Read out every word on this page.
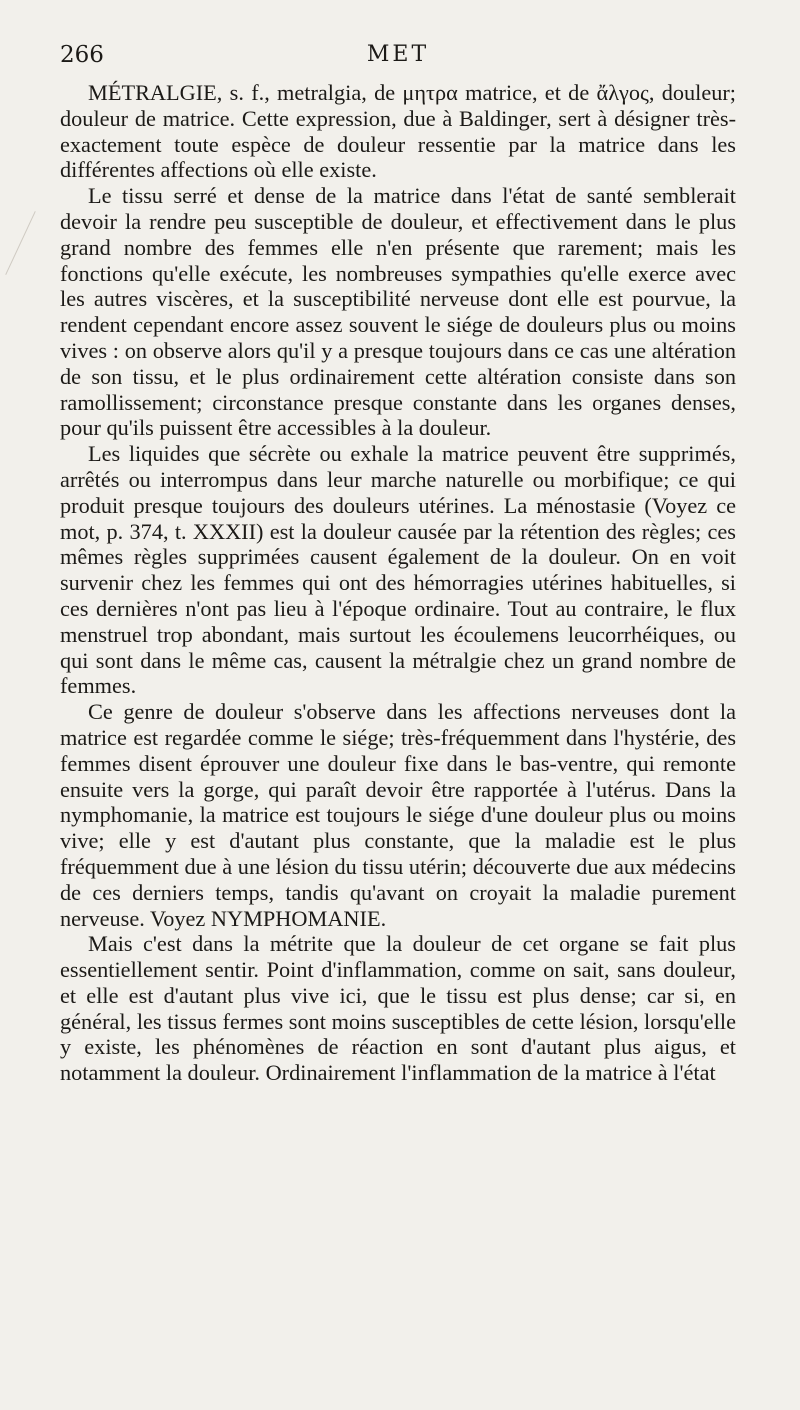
266	MET

MÉTRALGIE, s. f., metralgia, de μητρα matrice, et de ἄλγος, douleur; douleur de matrice. Cette expression, due à Baldinger, sert à désigner très-exactement toute espèce de douleur ressentie par la matrice dans les différentes affections où elle existe.

Le tissu serré et dense de la matrice dans l'état de santé semblerait devoir la rendre peu susceptible de douleur, et effectivement dans le plus grand nombre des femmes elle n'en présente que rarement; mais les fonctions qu'elle exécute, les nombreuses sympathies qu'elle exerce avec les autres viscères, et la susceptibilité nerveuse dont elle est pourvue, la rendent cependant encore assez souvent le siége de douleurs plus ou moins vives : on observe alors qu'il y a presque toujours dans ce cas une altération de son tissu, et le plus ordinairement cette altération consiste dans son ramollissement; circonstance presque constante dans les organes denses, pour qu'ils puissent être accessibles à la douleur.

Les liquides que sécrète ou exhale la matrice peuvent être supprimés, arrêtés ou interrompus dans leur marche naturelle ou morbifique; ce qui produit presque toujours des douleurs utérines. La ménostasie (Voyez ce mot, p. 374, t. XXXII) est la douleur causée par la rétention des règles; ces mêmes règles supprimées causent également de la douleur. On en voit survenir chez les femmes qui ont des hémorragies utérines habituelles, si ces dernières n'ont pas lieu à l'époque ordinaire. Tout au contraire, le flux menstruel trop abondant, mais surtout les écoulemens leucorrhéiques, ou qui sont dans le même cas, causent la métralgie chez un grand nombre de femmes.

Ce genre de douleur s'observe dans les affections nerveuses dont la matrice est regardée comme le siége; très-fréquemment dans l'hystérie, des femmes disent éprouver une douleur fixe dans le bas-ventre, qui remonte ensuite vers la gorge, qui paraît devoir être rapportée à l'utérus. Dans la nymphomanie, la matrice est toujours le siége d'une douleur plus ou moins vive; elle y est d'autant plus constante, que la maladie est le plus fréquemment due à une lésion du tissu utérin; découverte due aux médecins de ces derniers temps, tandis qu'avant on croyait la maladie purement nerveuse. Voyez NYMPHOMANIE.

Mais c'est dans la métrite que la douleur de cet organe se fait plus essentiellement sentir. Point d'inflammation, comme on sait, sans douleur, et elle est d'autant plus vive ici, que le tissu est plus dense; car si, en général, les tissus fermes sont moins susceptibles de cette lésion, lorsqu'elle y existe, les phénomènes de réaction en sont d'autant plus aigus, et notamment la douleur. Ordinairement l'inflammation de la matrice à l'état
